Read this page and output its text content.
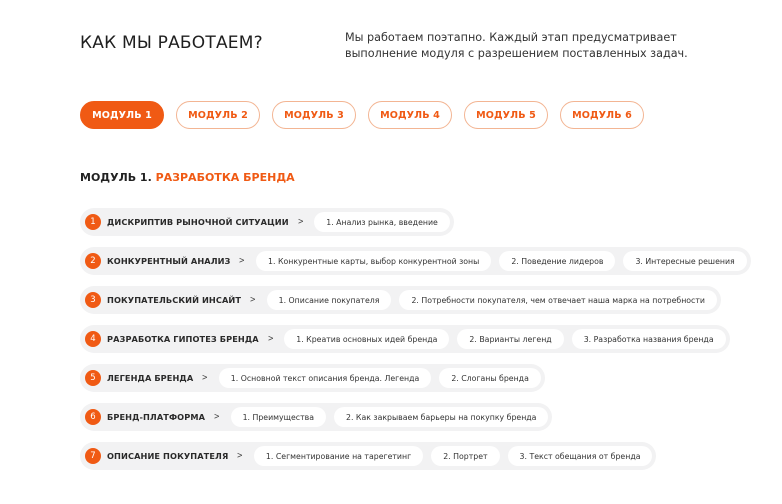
КАК МЫ РАБОТАЕМ?	Мы работаем поэтапно. Каждый этап предусматривает выполнение модуля с разрешением поставленных задач.

МОДУЛЬ 1	МОДУЛЬ 2	МОДУЛЬ 3	МОДУЛЬ 4	МОДУЛЬ 5	МОДУЛЬ 6
МОДУЛЬ 1. РАЗРАБОТКА БРЕНДА
1	ДИСКРИПТИВ РЫНОЧНОЙ СИТУАЦИИ >	1. Анализ рынка, введение
2	КОНКУРЕНТНЫЙ АНАЛИЗ >	1. Конкурентные карты, выбор конкурентной зоны	2. Поведение лидеров	3. Интересные решения
3	ПОКУПАТЕЛЬСКИЙ ИНСАЙТ >	1. Описание покупателя	2. Потребности покупателя, чем отвечает наша марка на потребности
4	РАЗРАБОТКА ГИПОТЕЗ БРЕНДА >	1. Креатив основных идей бренда	2. Варианты легенд	3. Разработка названия бренда
5	ЛЕГЕНДА БРЕНДА >	1. Основной текст описания бренда. Легенда	2. Слоганы бренда
6	БРЕНД-ПЛАТФОРМА >	1. Преимущества	2. Как закрываем барьеры на покупку бренда
7	ОПИСАНИЕ ПОКУПАТЕЛЯ >	1. Сегментирование на тарегетинг	2. Портрет	3. Текст обещания от бренда
